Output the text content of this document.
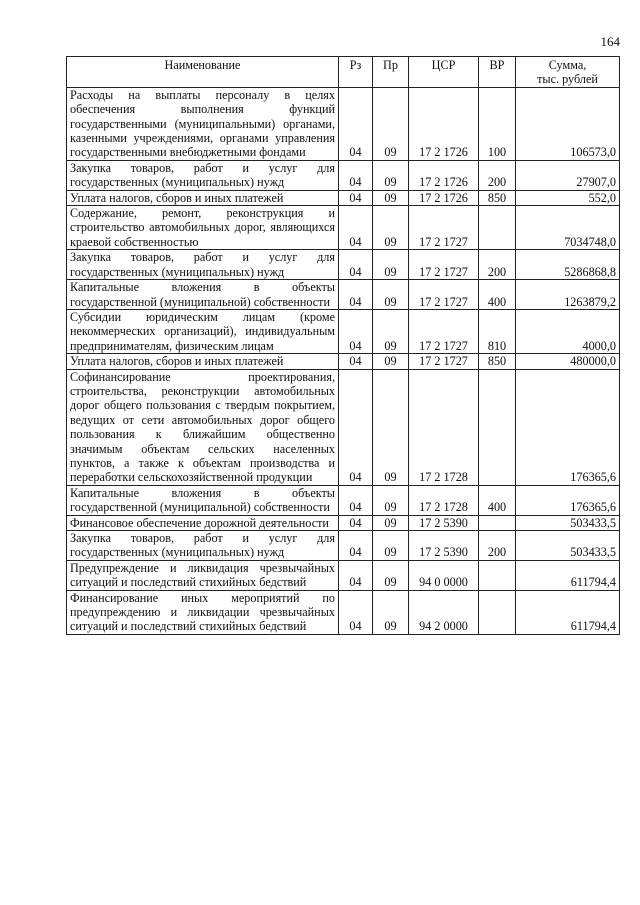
164
Наименование	Рз	Пр	ЦСР	ВР	Сумма,
тыс. рублей
Расходы на выплаты персоналу в целях обеспечения выполнения функций государственными (муниципальными) органами, казенными учреждениями, органами управления государственными внебюджетными фондами	04	09	17 2 1726	100	106573,0
Закупка товаров, работ и услуг для государственных (муниципальных) нужд	04	09	17 2 1726	200	27907,0
Уплата налогов, сборов и иных платежей	04	09	17 2 1726	850	552,0
Содержание, ремонт, реконструкция и строительство автомобильных дорог, являющихся краевой собственностью	04	09	17 2 1727		7034748,0
Закупка товаров, работ и услуг для государственных (муниципальных) нужд	04	09	17 2 1727	200	5286868,8
Капитальные вложения в объекты государственной (муниципальной) собственности	04	09	17 2 1727	400	1263879,2
Субсидии юридическим лицам (кроме некоммерческих организаций), индивидуальным предпринимателям, физическим лицам	04	09	17 2 1727	810	4000,0
Уплата налогов, сборов и иных платежей	04	09	17 2 1727	850	480000,0
Софинансирование проектирования, строительства, реконструкции автомобильных дорог общего пользования с твердым покрытием, ведущих от сети автомобильных дорог общего пользования к ближайшим общественно значимым объектам сельских населенных пунктов, а также к объектам производства и переработки сельскохозяйственной продукции	04	09	17 2 1728		176365,6
Капитальные вложения в объекты государственной (муниципальной) собственности	04	09	17 2 1728	400	176365,6
Финансовое обеспечение дорожной деятельности	04	09	17 2 5390		503433,5
Закупка товаров, работ и услуг для государственных (муниципальных) нужд	04	09	17 2 5390	200	503433,5
Предупреждение и ликвидация чрезвычайных ситуаций и последствий стихийных бедствий	04	09	94 0 0000		611794,4
Финансирование иных мероприятий по предупреждению и ликвидации чрезвычайных ситуаций и последствий стихийных бедствий	04	09	94 2 0000		611794,4
